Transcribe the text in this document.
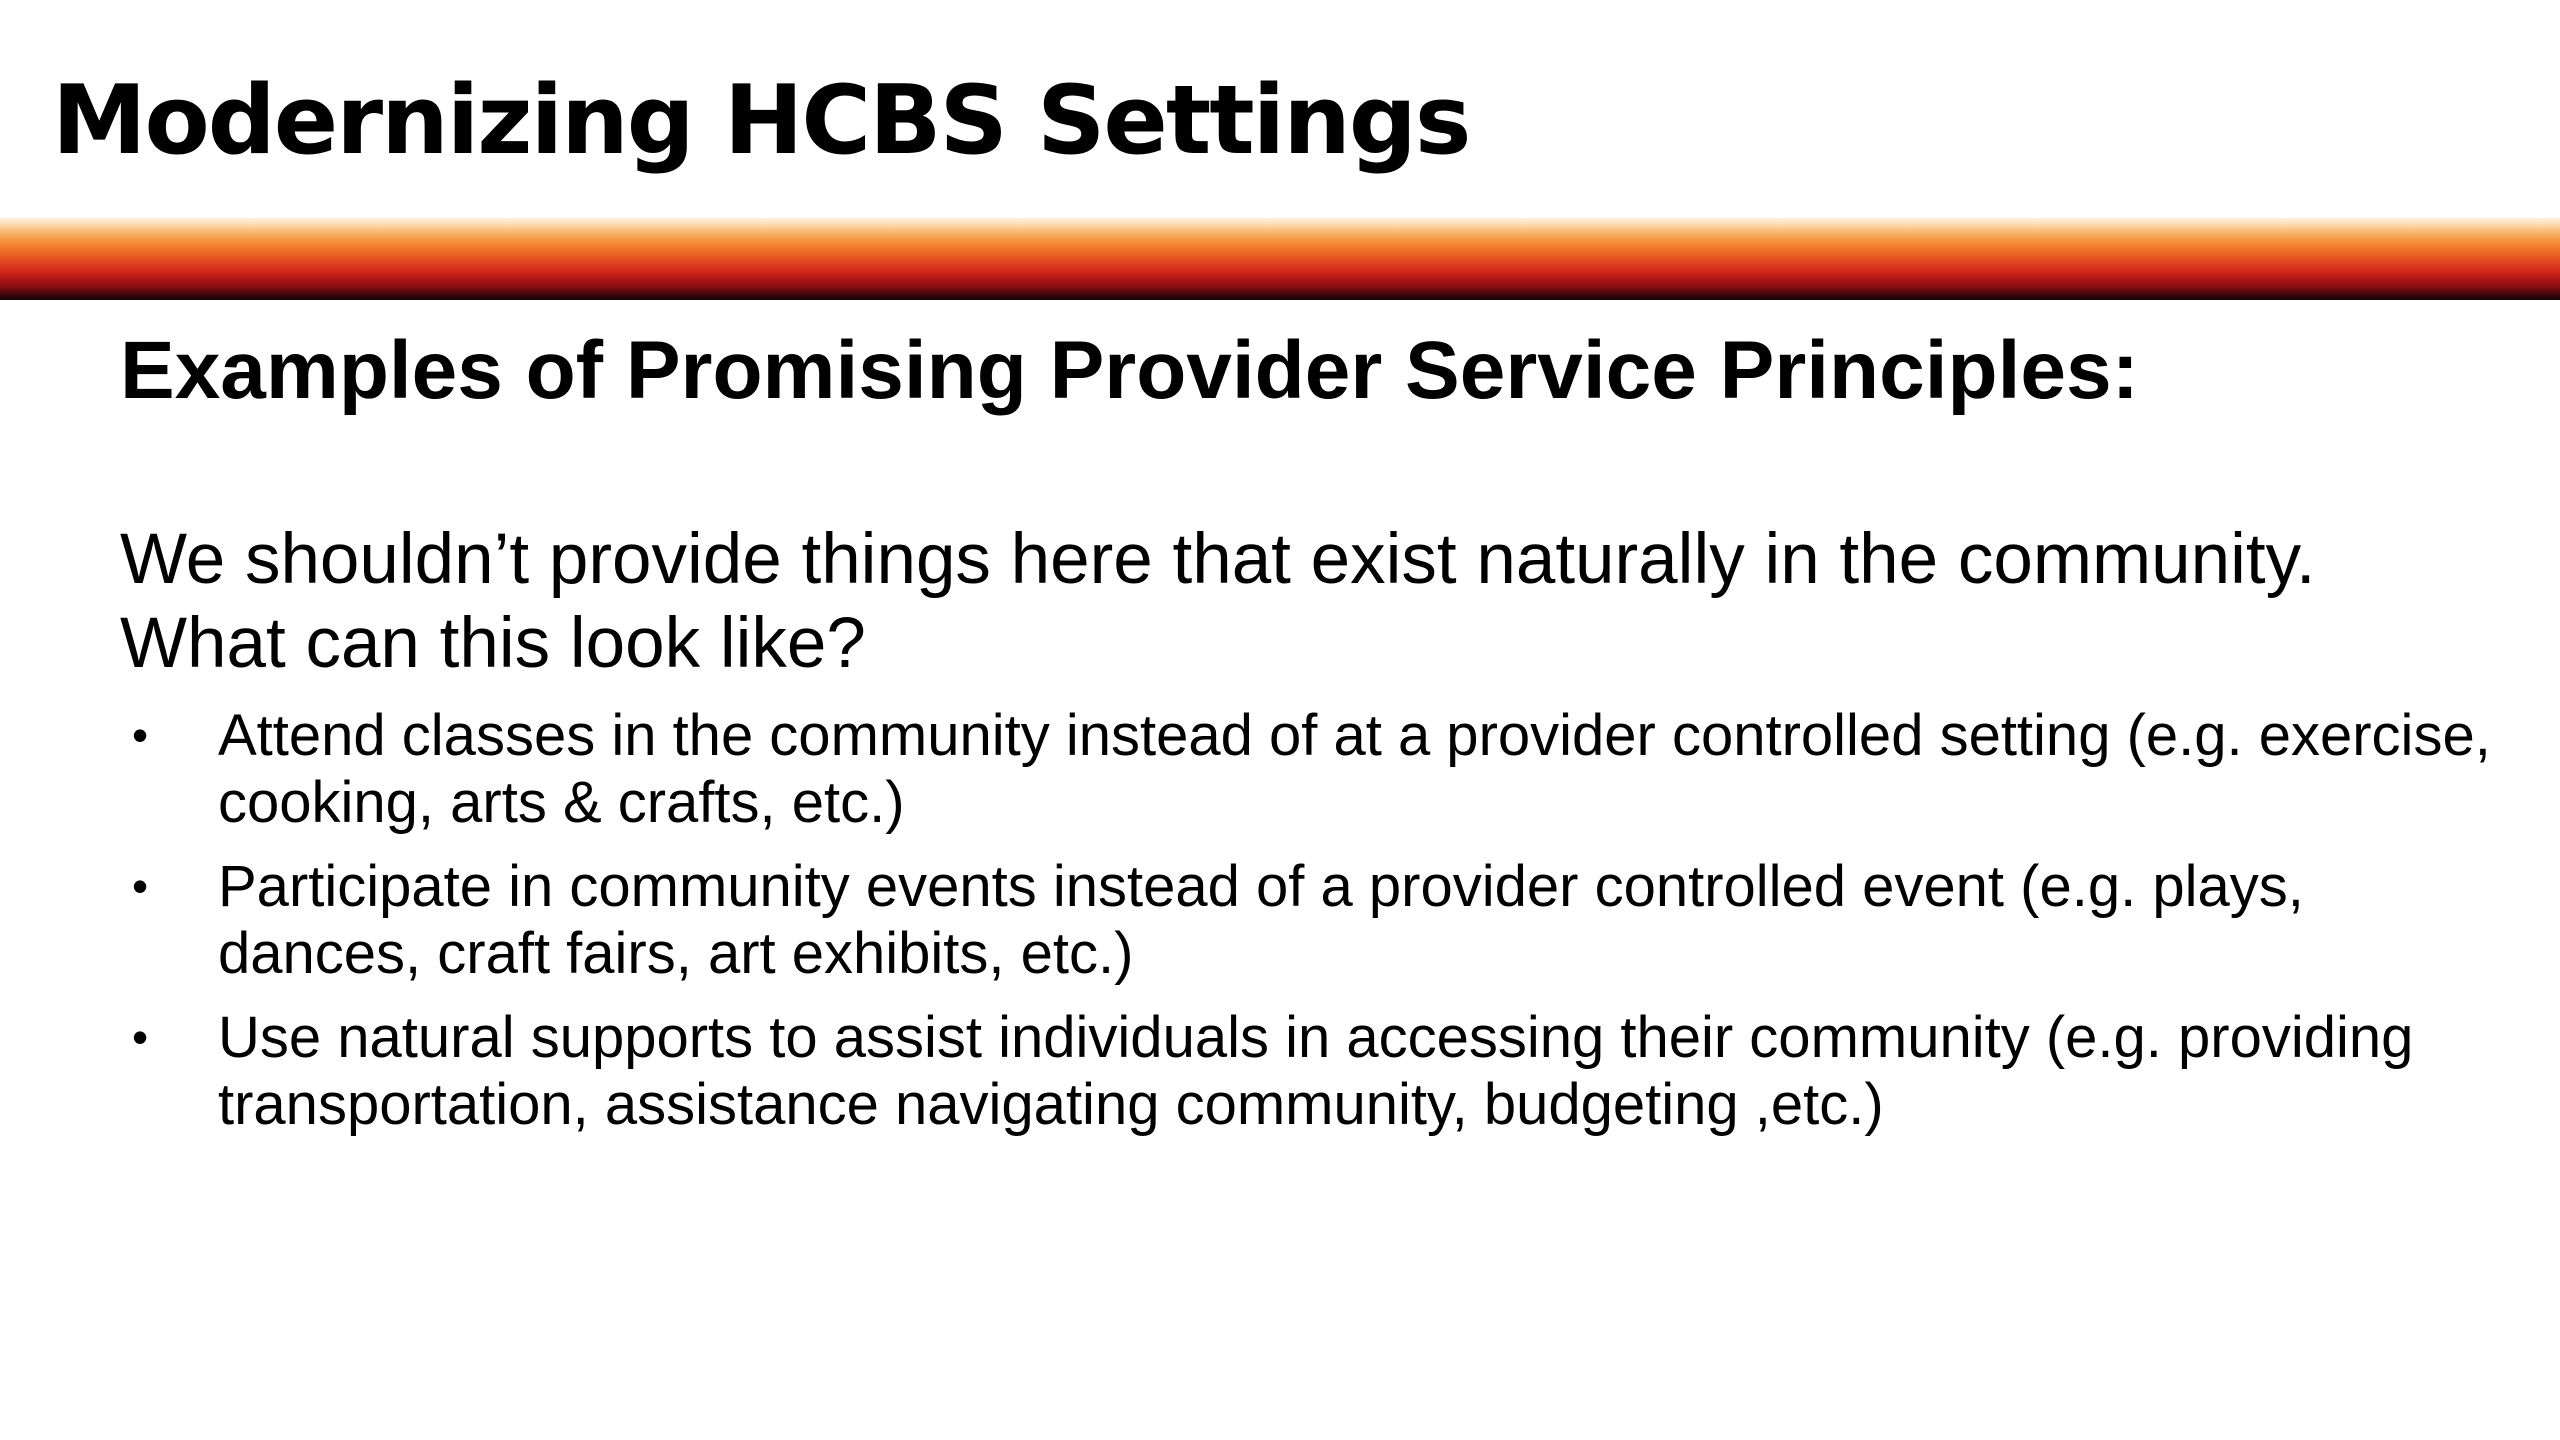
Modernizing HCBS Settings
Examples of Promising Provider Service Principles:

We shouldn’t provide things here that exist naturally in the community. What can this look like?

• Attend classes in the community instead of at a provider controlled setting (e.g. exercise, cooking, arts & crafts, etc.)
• Participate in community events instead of a provider controlled event (e.g. plays, dances, craft fairs, art exhibits, etc.)
• Use natural supports to assist individuals in accessing their community (e.g. providing transportation, assistance navigating community, budgeting ,etc.)
